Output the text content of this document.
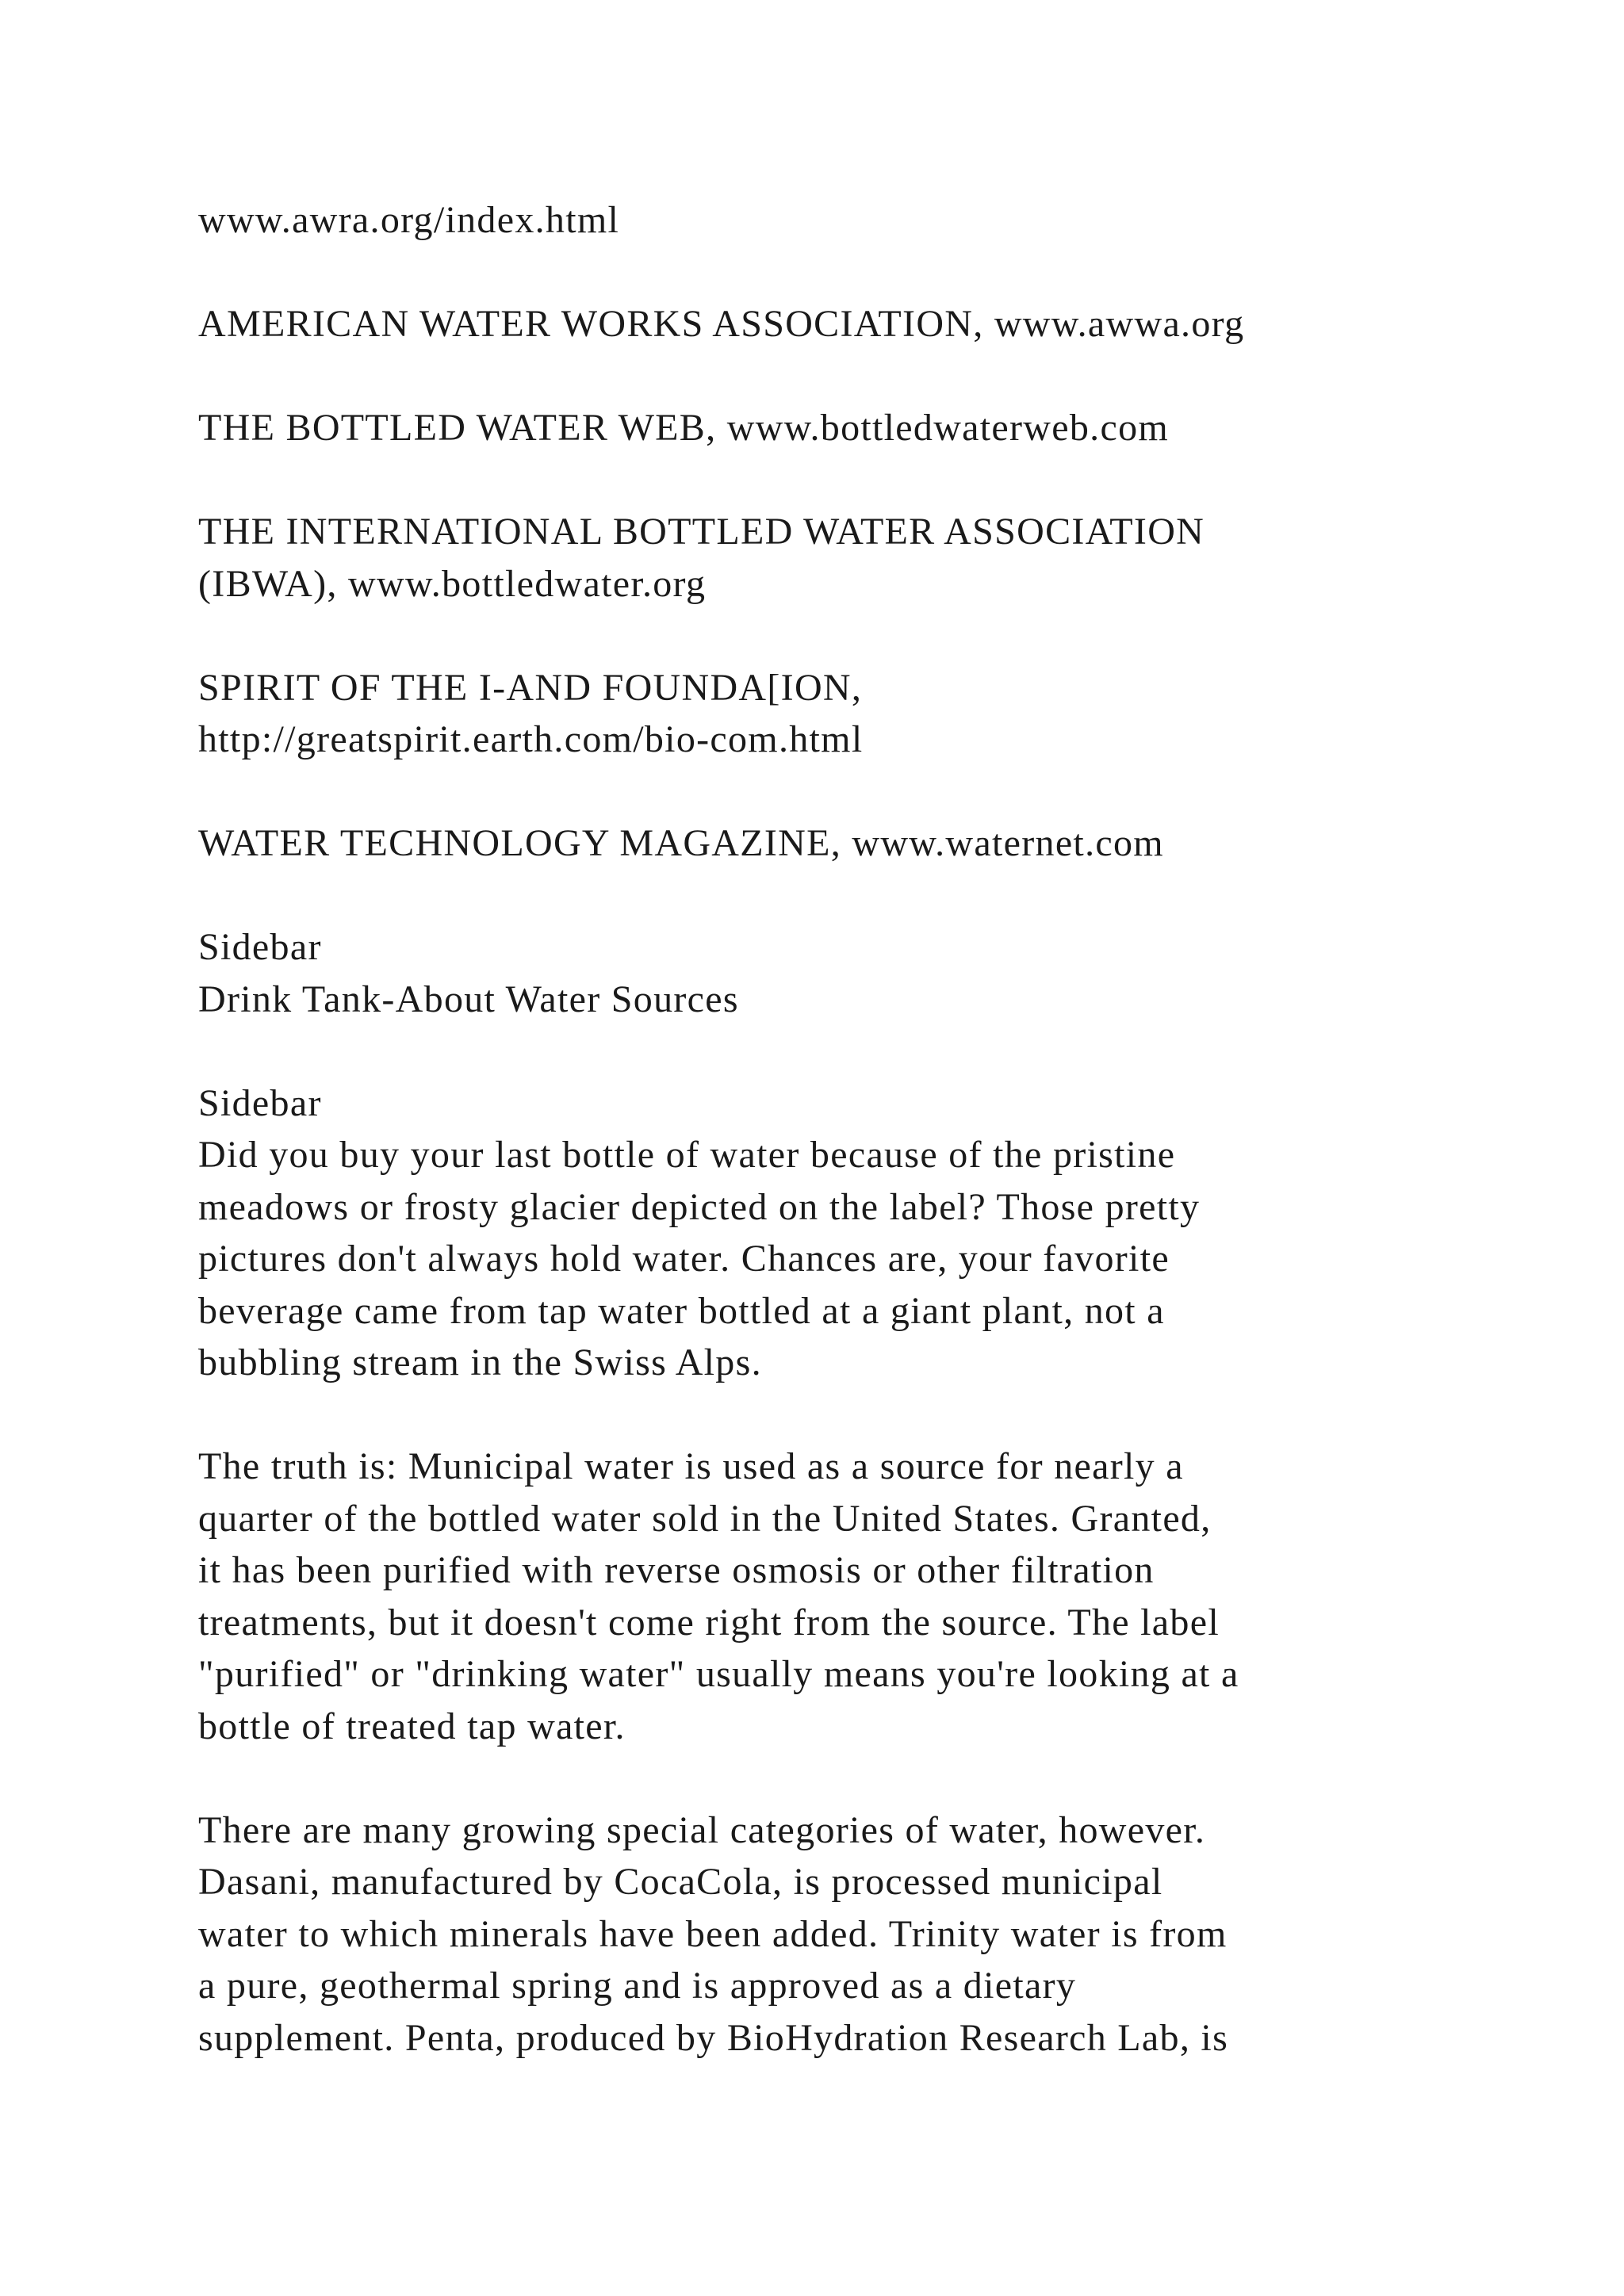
www.awra.org/index.html
AMERICAN WATER WORKS ASSOCIATION, www.awwa.org
THE BOTTLED WATER WEB, www.bottledwaterweb.com
THE INTERNATIONAL BOTTLED WATER ASSOCIATION
(IBWA), www.bottledwater.org
SPIRIT OF THE I-AND FOUNDA[ION,
http://greatspirit.earth.com/bio-com.html
WATER TECHNOLOGY MAGAZINE, www.waternet.com
Sidebar
Drink Tank-About Water Sources
Sidebar
Did you buy your last bottle of water because of the pristine
meadows or frosty glacier depicted on the label? Those pretty
pictures don't always hold water. Chances are, your favorite
beverage came from tap water bottled at a giant plant, not a
bubbling stream in the Swiss Alps.
The truth is: Municipal water is used as a source for nearly a
quarter of the bottled water sold in the United States. Granted,
it has been purified with reverse osmosis or other filtration
treatments, but it doesn't come right from the source. The label
"purified" or "drinking water" usually means you're looking at a
bottle of treated tap water.
There are many growing special categories of water, however.
Dasani, manufactured by CocaCola, is processed municipal
water to which minerals have been added. Trinity water is from
a pure, geothermal spring and is approved as a dietary
supplement. Penta, produced by BioHydration Research Lab, is
